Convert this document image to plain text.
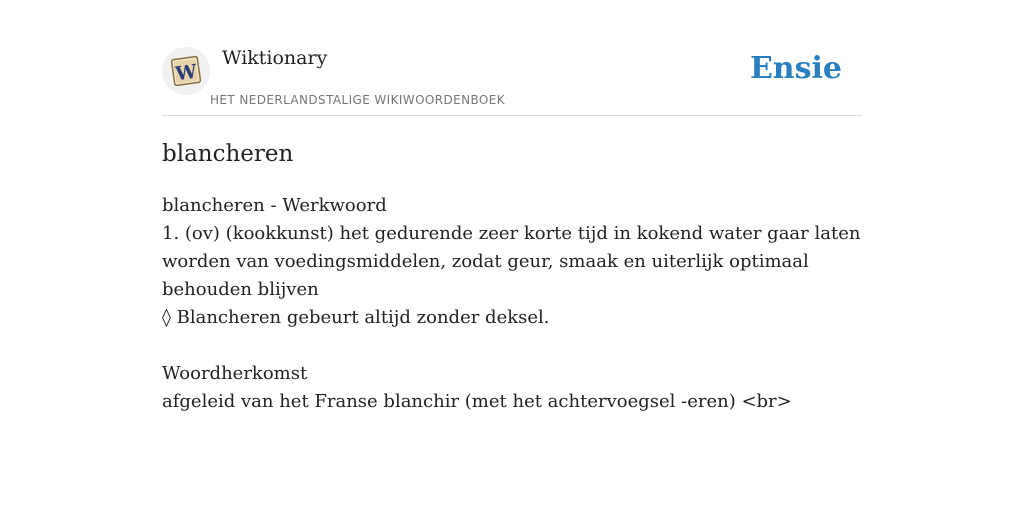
W
Wiktionary
HET NEDERLANDSTALIGE WIKIWOORDENBOEK
Ensie
blancheren
blancheren - Werkwoord
1. (ov) (kookkunst) het gedurende zeer korte tijd in kokend water gaar laten worden van voedingsmiddelen, zodat geur, smaak en uiterlijk optimaal behouden blijven
◊ Blancheren gebeurt altijd zonder deksel.
Woordherkomst
afgeleid van het Franse blanchir (met het achtervoegsel -eren) <br>
